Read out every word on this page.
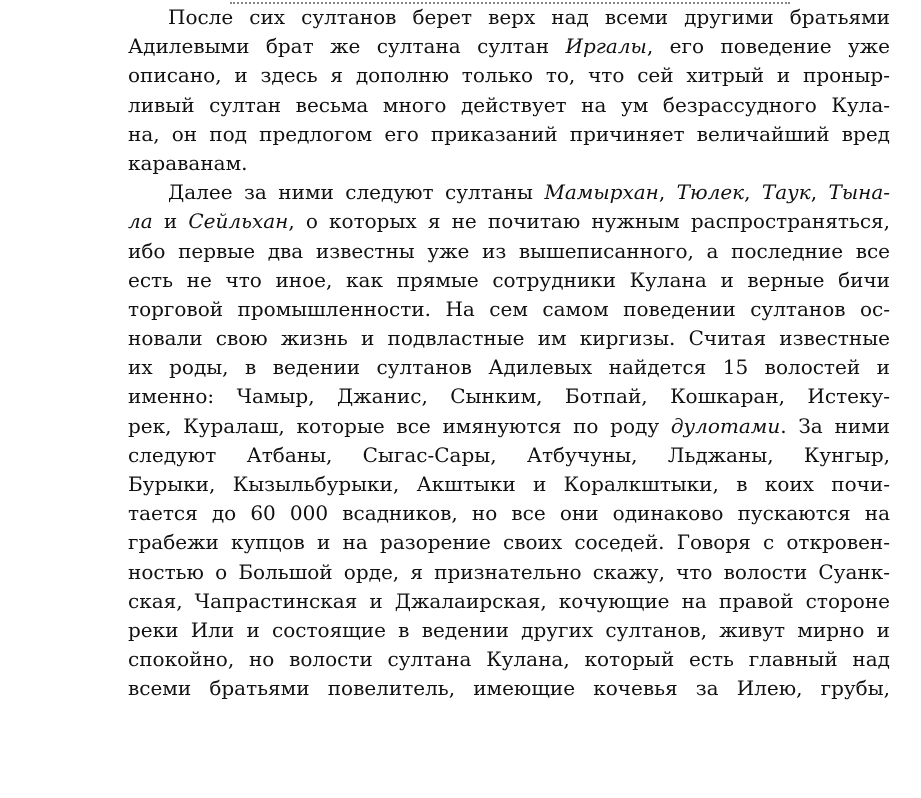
После сих султанов берет верх над всеми другими братьями
Адилевыми брат же султана султан Иргалы, его поведение уже
описано, и здесь я дополню только то, что сей хитрый и проныр-
ливый султан весьма много действует на ум безрассудного Кула-
на, он под предлогом его приказаний причиняет величайший вред
караванам.
Далее за ними следуют султаны Мамырхан, Тюлек, Таук, Тына-
ла и Сейльхан, о которых я не почитаю нужным распространяться,
ибо первые два известны уже из вышеписанного, а последние все
есть не что иное, как прямые сотрудники Кулана и верные бичи
торговой промышленности. На сем самом поведении султанов ос-
новали свою жизнь и подвластные им киргизы. Считая известные
их роды, в ведении султанов Адилевых найдется 15 волостей и
именно: Чамыр, Джанис, Сынким, Ботпай, Кошкаран, Истеку-
рек, Куралаш, которые все имянуются по роду дулотами. За ними
следуют Атбаны, Сыгас-Сары, Атбучуны, Льджаны, Кунгыр,
Бурыки, Кызыльбурыки, Акштыки и Коралкштыки, в коих почи-
тается до 60 000 всадников, но все они одинаково пускаются на
грабежи купцов и на разорение своих соседей. Говоря с откровен-
ностью о Большой орде, я признательно скажу, что волости Суанк-
ская, Чапрастинская и Джалаирская, кочующие на правой стороне
реки Или и состоящие в ведении других султанов, живут мирно и
спокойно, но волости султана Кулана, который есть главный над
всеми братьями повелитель, имеющие кочевья за Илею, грубы,
